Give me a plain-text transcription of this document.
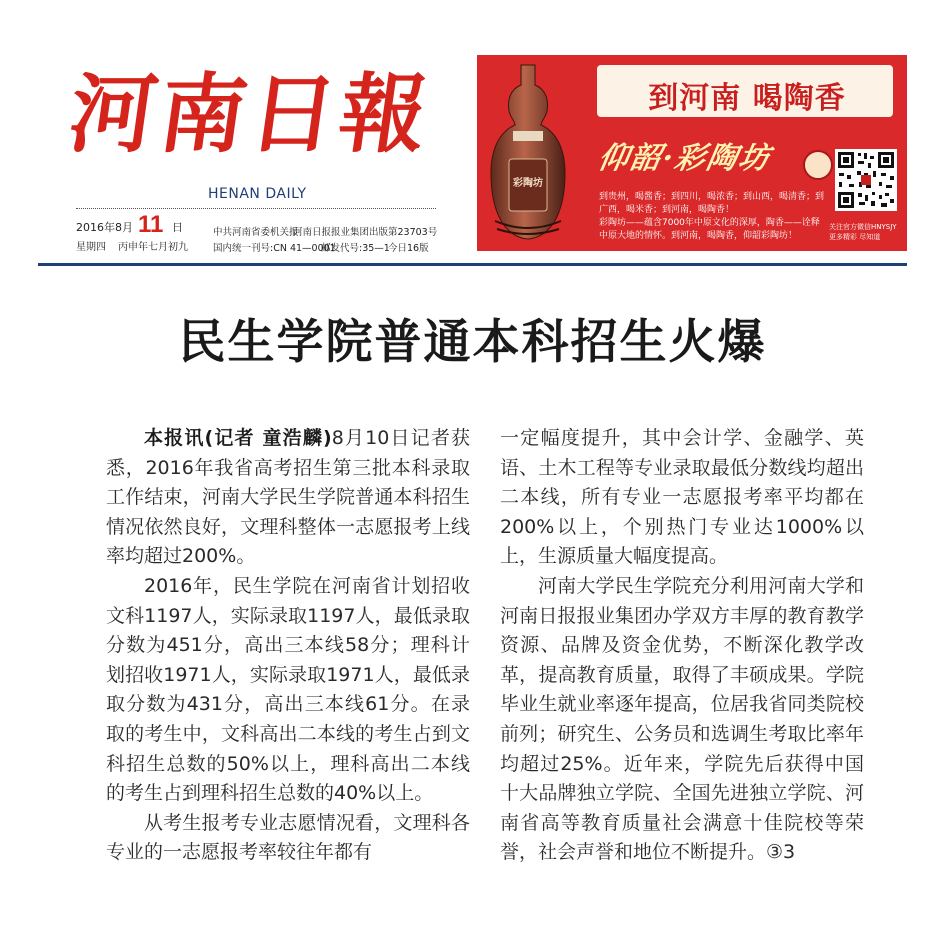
河南日報
HENAN DAILY
2016年8月 11 日
星期四 丙申年七月初九
中共河南省委机关报
河南日报报业集团出版 第23703号
国内统一刊号:CN 41—0001
邮发代号:35—1
今日16版
彩陶坊
到河南 喝陶香
仰韶·彩陶坊
到贵州，喝酱香；到四川，喝浓香；到山西，喝清香；到
广西，喝米香；到河南，喝陶香！
彩陶坊——蕴含7000年中原文化的深厚，陶香——诠释
中原大地的情怀。到河南，喝陶香，仰韶彩陶坊！
关注官方微信HNYSJY
更多精彩 尽知道
民生学院普通本科招生火爆

本报讯(记者 童浩麟)8月10日记者获悉，2016年我省高考招生第三批本科录取工作结束，河南大学民生学院普通本科招生情况依然良好，文理科整体一志愿报考上线率均超过200%。

2016年，民生学院在河南省计划招收文科1197人，实际录取1197人，最低录取分数为451分，高出三本线58分；理科计划招收1971人，实际录取1971人，最低录取分数为431分，高出三本线61分。在录取的考生中，文科高出二本线的考生占到文科招生总数的50%以上，理科高出二本线的考生占到理科招生总数的40%以上。

从考生报考专业志愿情况看，文理科各专业的一志愿报考率较往年都有

一定幅度提升，其中会计学、金融学、英语、土木工程等专业录取最低分数线均超出二本线，所有专业一志愿报考率平均都在200%以上，个别热门专业达1000%以上，生源质量大幅度提高。

河南大学民生学院充分利用河南大学和河南日报报业集团办学双方丰厚的教育教学资源、品牌及资金优势，不断深化教学改革，提高教育质量，取得了丰硕成果。学院毕业生就业率逐年提高，位居我省同类院校前列；研究生、公务员和选调生考取比率年均超过25%。近年来，学院先后获得中国十大品牌独立学院、全国先进独立学院、河南省高等教育质量社会满意十佳院校等荣誉，社会声誉和地位不断提升。③3
